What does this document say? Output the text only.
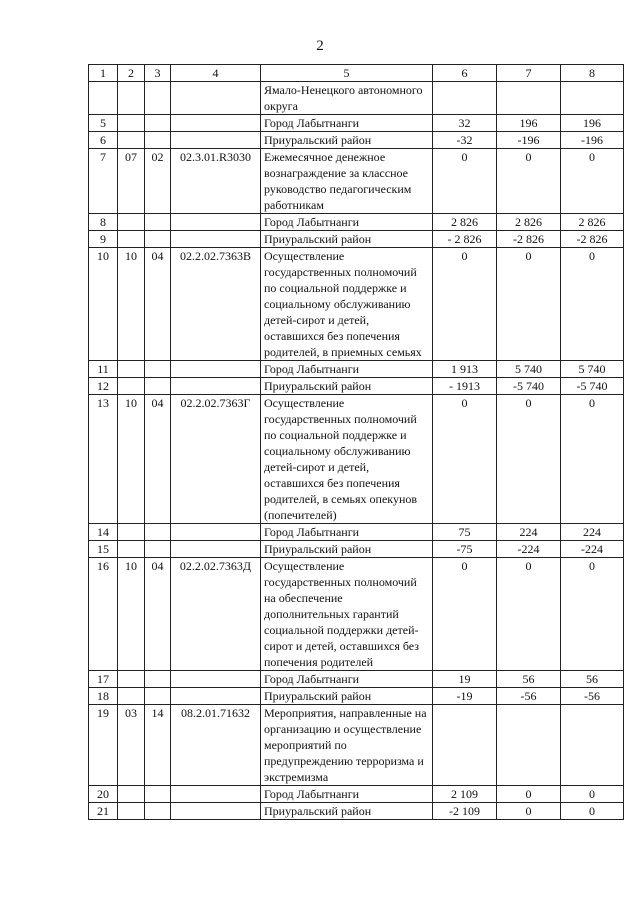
2
1	2	3	4	5	6	7	8
				Ямало-Ненецкого автономного округа			
5				Город Лабытнанги	32	196	196
6				Приуральский район	-32	-196	-196
7	07	02	02.3.01.R3030	Ежемесячное денежное вознаграждение за классное руководство педагогическим работникам	0	0	0
8				Город Лабытнанги	2 826	2 826	2 826
9				Приуральский район	- 2 826	-2 826	-2 826
10	10	04	02.2.02.7363В	Осуществление государственных полномочий по социальной поддержке и социальному обслуживанию детей-сирот и детей, оставшихся без попечения родителей, в приемных семьях	0	0	0
11				Город Лабытнанги	1 913	5 740	5 740
12				Приуральский район	- 1913	-5 740	-5 740
13	10	04	02.2.02.7363Г	Осуществление государственных полномочий по социальной поддержке и социальному обслуживанию детей-сирот и детей, оставшихся без попечения родителей, в семьях опекунов (попечителей)	0	0	0
14				Город Лабытнанги	75	224	224
15				Приуральский район	-75	-224	-224
16	10	04	02.2.02.7363Д	Осуществление государственных полномочий на обеспечение дополнительных гарантий социальной поддержки детей-сирот и детей, оставшихся без попечения родителей	0	0	0
17				Город Лабытнанги	19	56	56
18				Приуральский район	-19	-56	-56
19	03	14	08.2.01.71632	Мероприятия, направленные на организацию и осуществление мероприятий по предупреждению терроризма и экстремизма			
20				Город Лабытнанги	2 109	0	0
21				Приуральский район	-2 109	0	0
